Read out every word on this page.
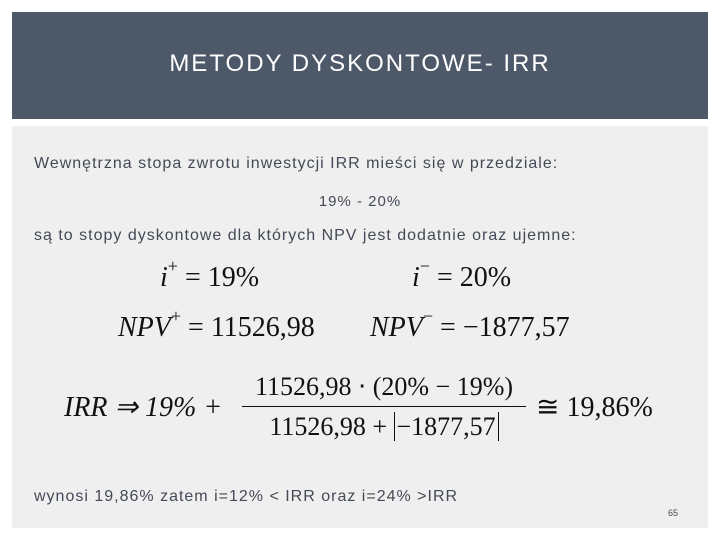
METODY DYSKONTOWE- IRR
Wewnętrzna stopa zwrotu inwestycji IRR mieści się w przedziale:
19% - 20%
są to stopy dyskontowe dla których NPV jest dodatnie oraz ujemne:
i+ = 19%	i− = 20%
NPV+ = 11526,98 NPV− = −1877,57
IRR ⇒ 19% +
11526,98 ⋅ (20% − 19%)
11526,98 + −1877,57
≅ 19,86%
wynosi 19,86% zatem i=12% < IRR oraz i=24% >IRR
65
